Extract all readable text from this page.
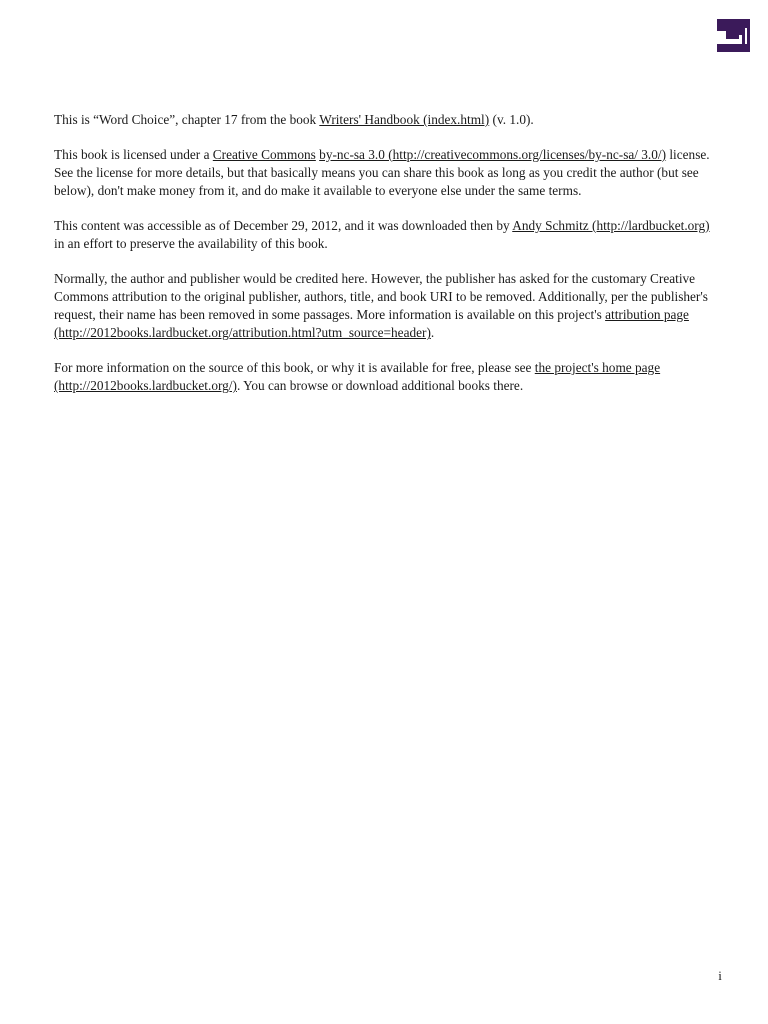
This is “Word Choice”, chapter 17 from the book Writers' Handbook (index.html) (v. 1.0).

This book is licensed under a Creative Commons by-nc-sa 3.0 (http://creativecommons.org/licenses/by-nc-sa/ 3.0/) license. See the license for more details, but that basically means you can share this book as long as you credit the author (but see below), don't make money from it, and do make it available to everyone else under the same terms.

This content was accessible as of December 29, 2012, and it was downloaded then by Andy Schmitz (http://lardbucket.org) in an effort to preserve the availability of this book.

Normally, the author and publisher would be credited here. However, the publisher has asked for the customary Creative Commons attribution to the original publisher, authors, title, and book URI to be removed. Additionally, per the publisher's request, their name has been removed in some passages. More information is available on this project's attribution page (http://2012books.lardbucket.org/attribution.html?utm_source=header).

For more information on the source of this book, or why it is available for free, please see the project's home page (http://2012books.lardbucket.org/). You can browse or download additional books there.

i
